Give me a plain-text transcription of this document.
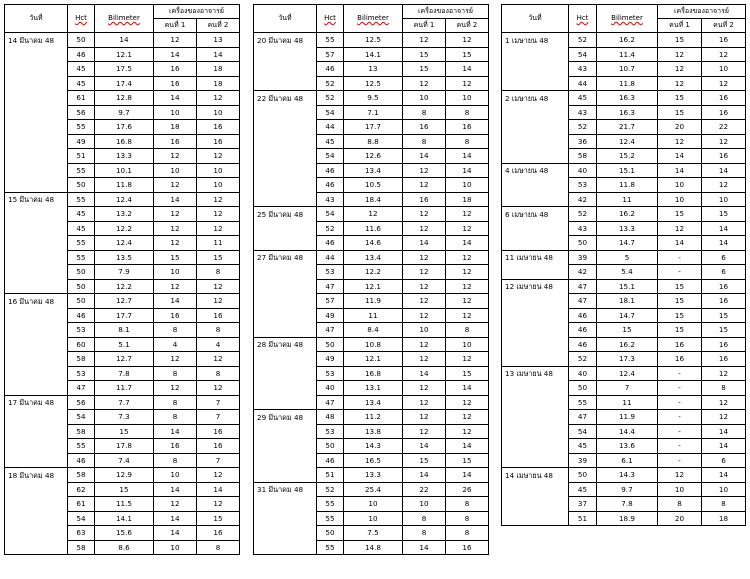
วันที่	Hct	Bilimeter	เครื่องของอาจารย์	
			คนที่ 1	คนที่ 2
14 มีนาคม 48	50	14	12	13
	46	12.1	14	14
	45	17.5	16	18
	45	17.4	16	18
	61	12.8	14	12
	56	9.7	10	10
	55	17.6	18	16
	49	16.8	16	16
	51	13.3	12	12
	55	10.1	10	10
	50	11.8	12	10
15 มีนาคม 48	55	12.4	14	12
	45	13.2	12	12
	45	12.2	12	12
	55	12.4	12	11
	55	13.5	15	15
	50	7.9	10	8
	50	12.2	12	12
16 มีนาคม 48	50	12.7	14	12
	46	17.7	16	16
	53	8.1	8	8
	60	5.1	4	4
	58	12.7	12	12
	53	7.8	8	8
	47	11.7	12	12
17 มีนาคม 48	56	7.7	8	7
	54	7.3	8	7
	58	15	14	16
	55	17.8	16	16
	46	7.4	8	7
18 มีนาคม 48	58	12.9	10	12
	62	15	14	14
	61	11.5	12	12
	54	14.1	14	15
	63	15.6	14	16
	58	8.6	10	8
วันที่	Hct	Bilimeter	เครื่องของอาจารย์	
			คนที่ 1	คนที่ 2
20 มีนาคม 48	55	12.5	12	12
	57	14.1	15	15
	46	13	15	14
	52	12.5	12	12
22 มีนาคม 48	52	9.5	10	10
	54	7.1	8	8
	44	17.7	16	16
	45	8.8	8	8
	54	12.6	14	14
	46	13.4	12	14
	46	10.5	12	10
	43	18.4	16	18
25 มีนาคม 48	54	12	12	12
	52	11.6	12	12
	46	14.6	14	14
27 มีนาคม 48	44	13.4	12	12
	53	12.2	12	12
	47	12.1	12	12
	57	11.9	12	12
	49	11	12	12
	47	8.4	10	8
28 มีนาคม 48	50	10.8	12	10
	49	12.1	12	12
	53	16.8	14	15
	40	13.1	12	14
	47	13.4	12	12
29 มีนาคม 48	48	11.2	12	12
	53	13.8	12	12
	50	14.3	14	14
	46	16.5	15	15
	51	13.3	14	14
31 มีนาคม 48	52	25.4	22	26
	55	10	10	8
	55	10	8	8
	50	7.5	8	8
	55	14.8	14	16
วันที่	Hct	Bilimeter	เครื่องของอาจารย์	
			คนที่ 1	คนที่ 2
1 เมษายน 48	52	16.2	15	16
	54	11.4	12	12
	43	10.7	12	10
	44	11.8	12	12
2 เมษายน 48	45	16.3	15	16
	43	16.3	15	16
	52	21.7	20	22
	36	12.4	12	12
	58	15.2	14	16
4 เมษายน 48	40	15.1	14	14
	53	11.8	10	12
	42	11	10	10
6 เมษายน 48	52	16.2	15	15
	43	13.3	12	14
	50	14.7	14	14
11 เมษายน 48	39	5	-	6
	42	5.4	-	6
12 เมษายน 48	47	15.1	15	16
	47	18.1	15	16
	46	14.7	15	15
	46	15	15	15
	46	16.2	16	16
	52	17.3	16	16
13 เมษายน 48	40	12.4	-	12
	50	7	-	8
	55	11	-	12
	47	11.9	-	12
	54	14.4	-	14
	45	13.6	-	14
	39	6.1	-	6
14 เมษายน 48	50	14.3	12	14
	45	9.7	10	10
	37	7.8	8	8
	51	18.9	20	18
